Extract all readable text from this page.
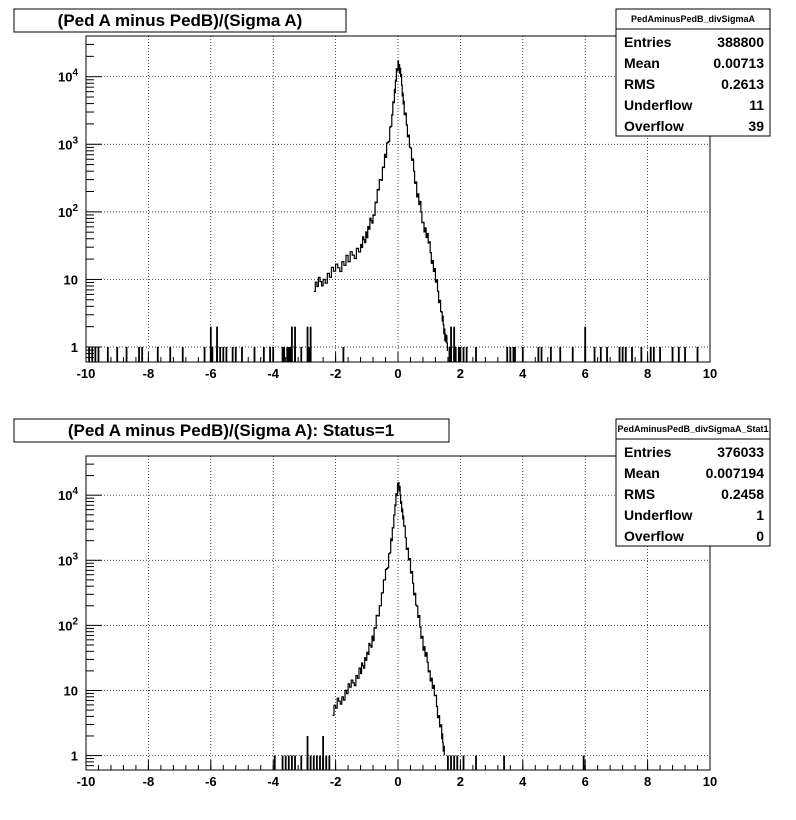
1
10
$10^2$
$10^3$
$10^4$
-10	-8	-6	-4	-2	0	2	4	6	8	10
(Ped A minus PedB)/(Sigma A)	PedAminusPedB_divSigmaA
Entries	388800
Mean	0.00713
RMS	0.2613
Underflow	11
Overflow	39
1
10
$10^2$
$10^3$
$10^4$
-10	-8	-6	-4	-2	0	2	4	6	8	10
(Ped A minus PedB)/(Sigma A): Status=1	PedAminusPedB_divSigmaA_Stat1
Entries	376033
Mean	0.007194
RMS	0.2458
Underflow	1
Overflow	0
